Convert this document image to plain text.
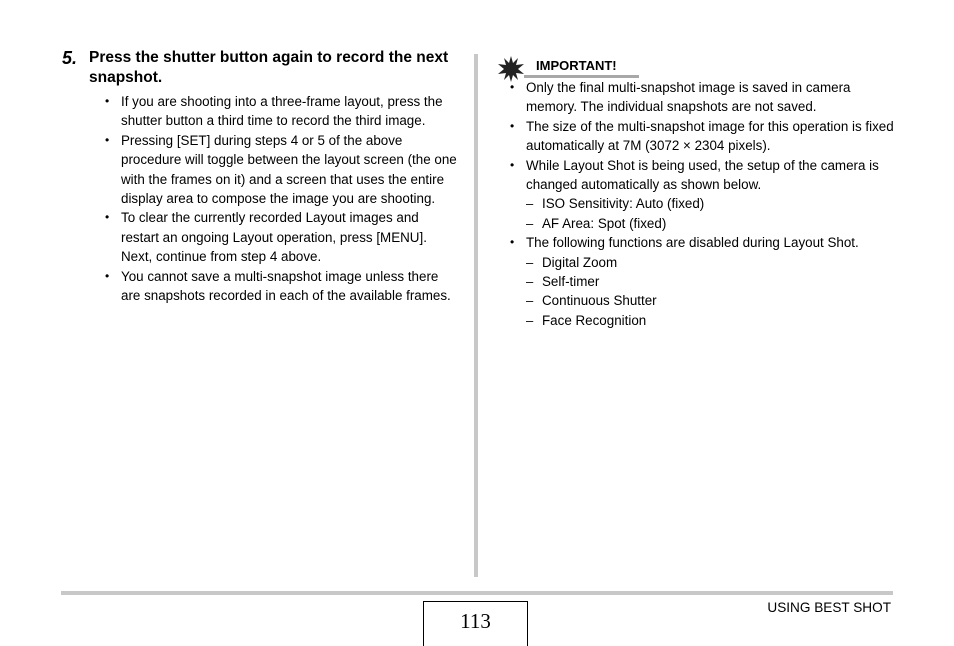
5. Press the shutter button again to record the next snapshot.

• If you are shooting into a three-frame layout, press the shutter button a third time to record the third image.
• Pressing [SET] during steps 4 or 5 of the above procedure will toggle between the layout screen (the one with the frames on it) and a screen that uses the entire display area to compose the image you are shooting.
• To clear the currently recorded Layout images and restart an ongoing Layout operation, press [MENU]. Next, continue from step 4 above.
• You cannot save a multi-snapshot image unless there are snapshots recorded in each of the available frames.
IMPORTANT!
• Only the final multi-snapshot image is saved in camera memory. The individual snapshots are not saved.
• The size of the multi-snapshot image for this operation is fixed automatically at 7M (3072 × 2304 pixels).
• While Layout Shot is being used, the setup of the camera is changed automatically as shown below.
– ISO Sensitivity: Auto (fixed)
– AF Area: Spot (fixed)
• The following functions are disabled during Layout Shot.
– Digital Zoom
– Self-timer
– Continuous Shutter
– Face Recognition
113
USING BEST SHOT
